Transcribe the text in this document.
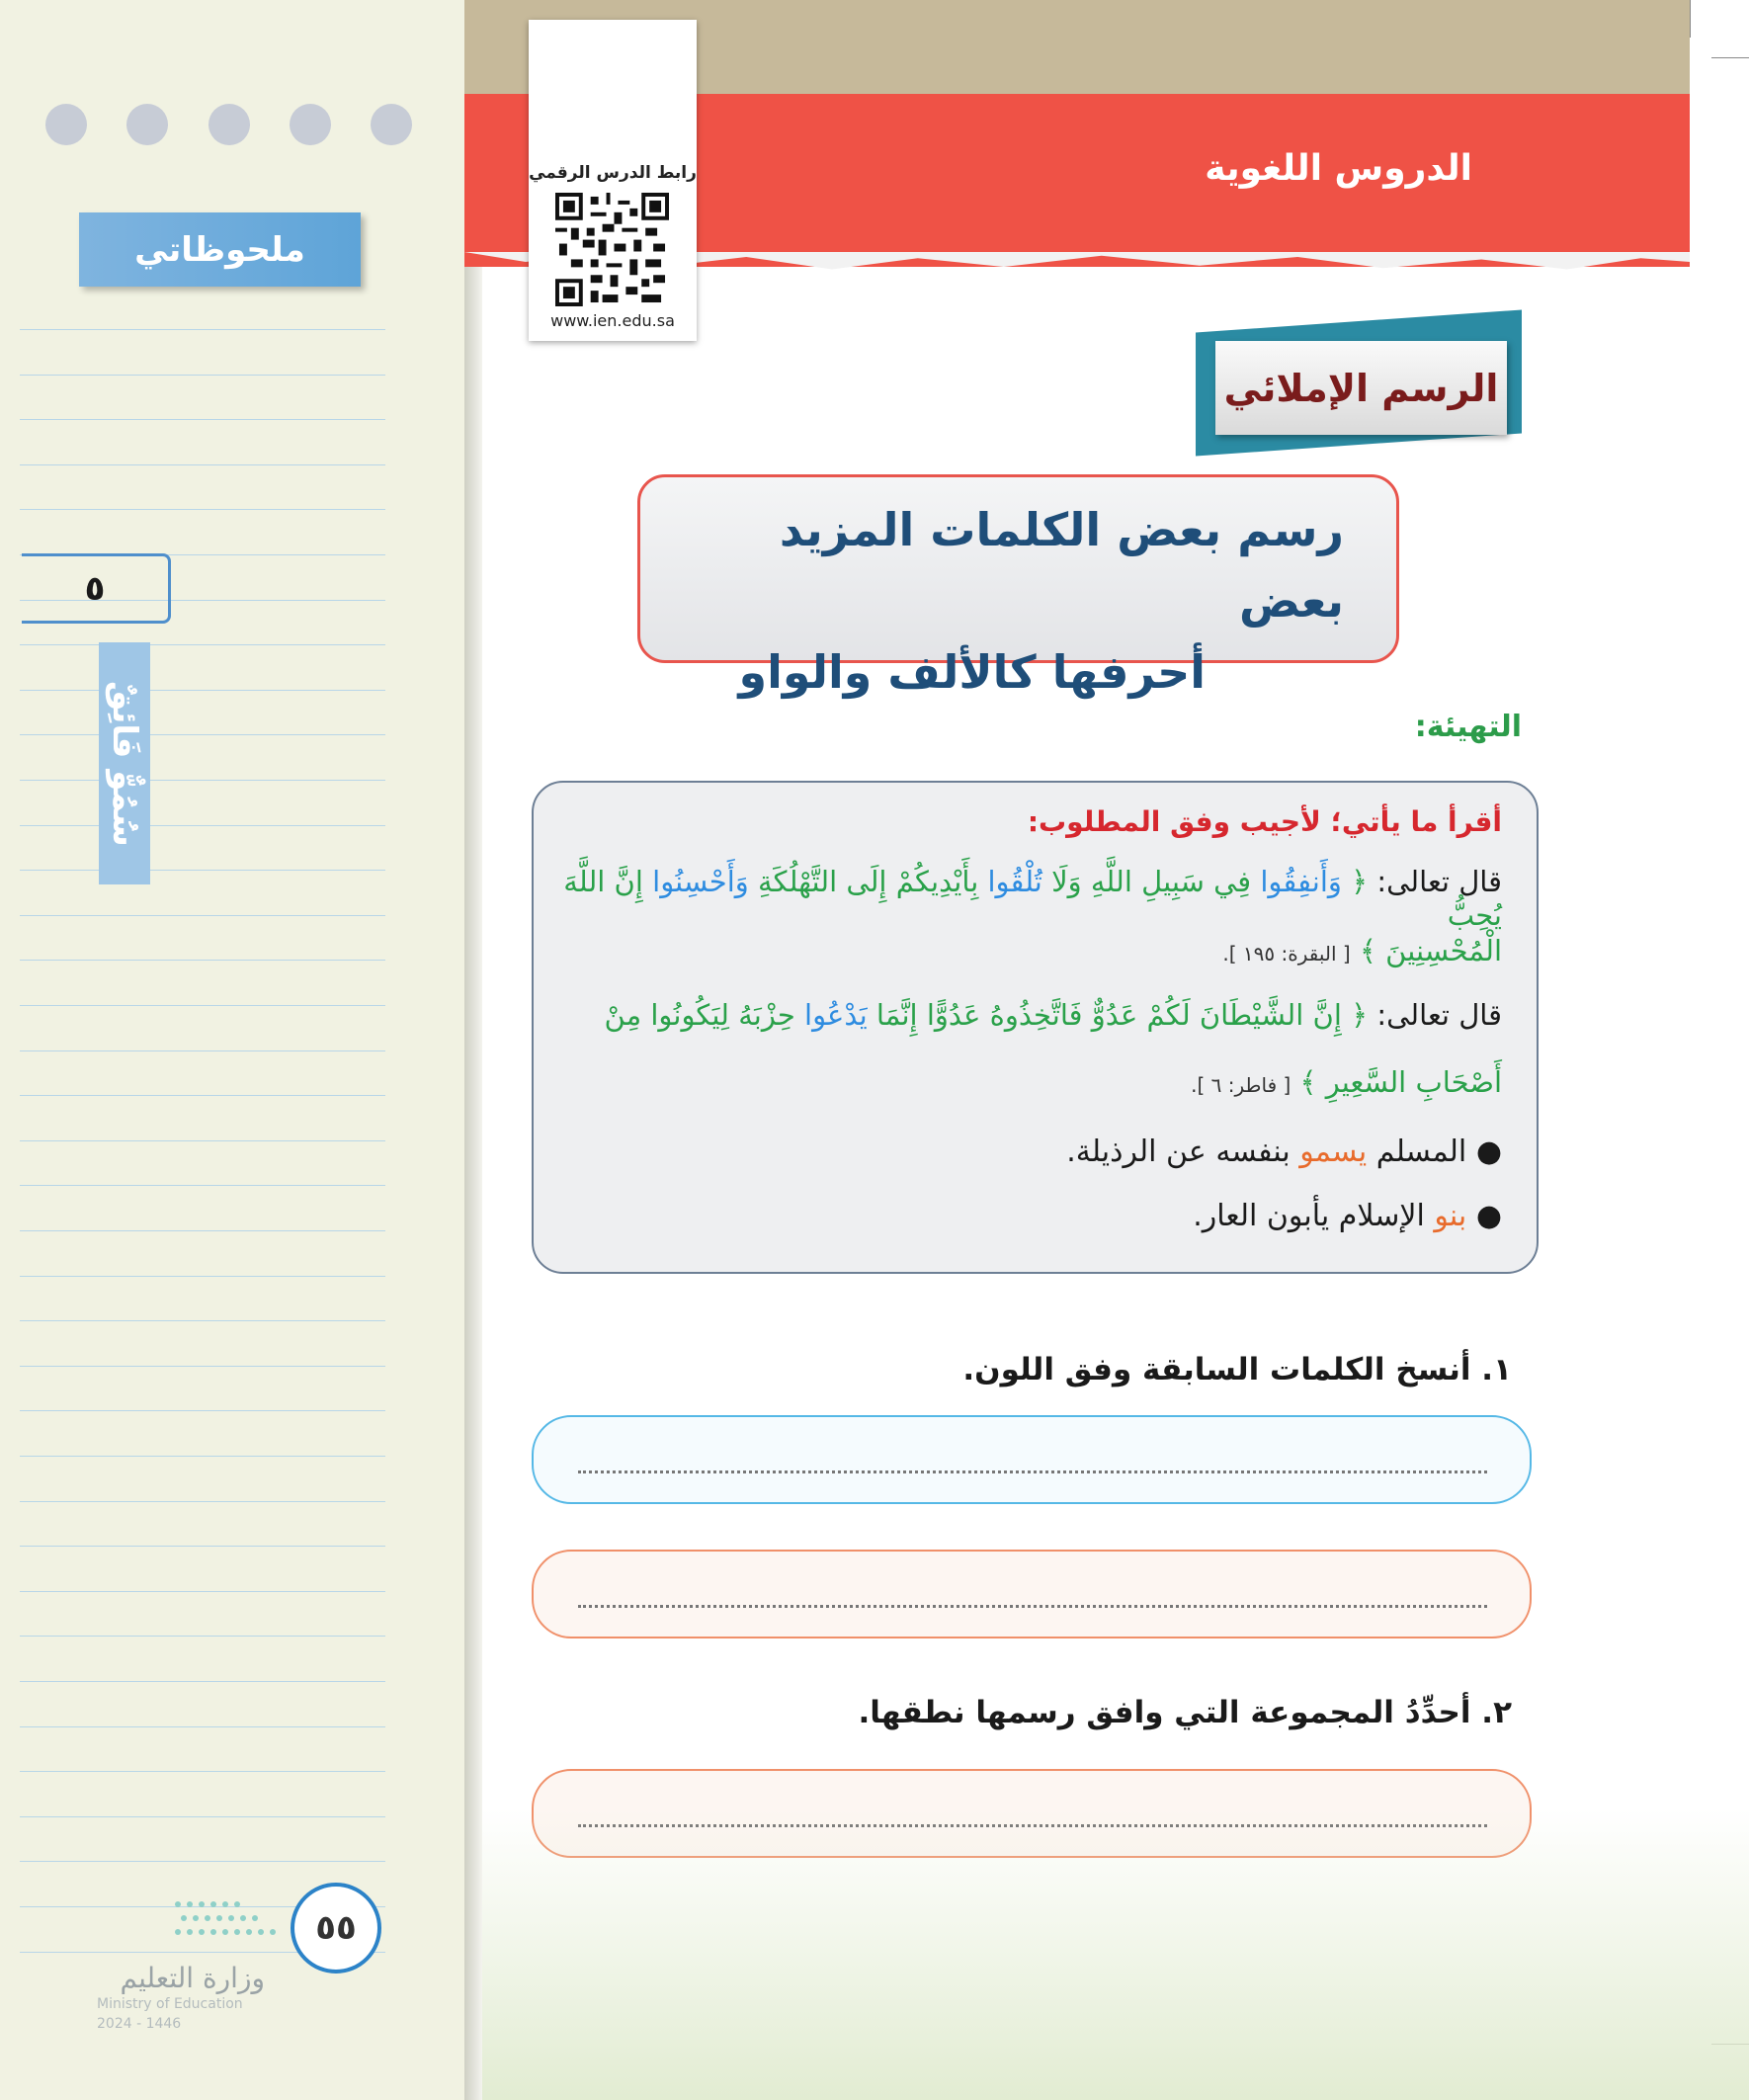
ملحوظاتي
٥
سُمُوٌّ فَائِقٌ
الدروس اللغوية
رابط الدرس الرقمي
www.ien.edu.sa
الرسم الإملائي
رسم بعض الكلمات المزيد بعض
أحرفها كالألف والواو
التهيئة:
أقرأ ما يأتي؛ لأجيب وفق المطلوب:
قال تعالى: ﴿ وَأَنفِقُوا فِي سَبِيلِ اللَّهِ وَلَا تُلْقُوا بِأَيْدِيكُمْ إِلَى التَّهْلُكَةِ وَأَحْسِنُوا إِنَّ اللَّهَ يُحِبُّ
الْمُحْسِنِينَ ﴾ [ البقرة: ١٩٥ ].
قال تعالى: ﴿ إِنَّ الشَّيْطَانَ لَكُمْ عَدُوٌّ فَاتَّخِذُوهُ عَدُوًّا إِنَّمَا يَدْعُوا حِزْبَهُ لِيَكُونُوا مِنْ
أَصْحَابِ السَّعِيرِ ﴾ [ فاطر: ٦ ].
● المسلم يسمو بنفسه عن الرذيلة.
● بنو الإسلام يأبون العار.
١. أنسخ الكلمات السابقة وفق اللون.
٢. أحدِّدُ المجموعة التي وافق رسمها نطقها.
٥٥
وزارة التعليم
Ministry of Education
2024 - 1446
